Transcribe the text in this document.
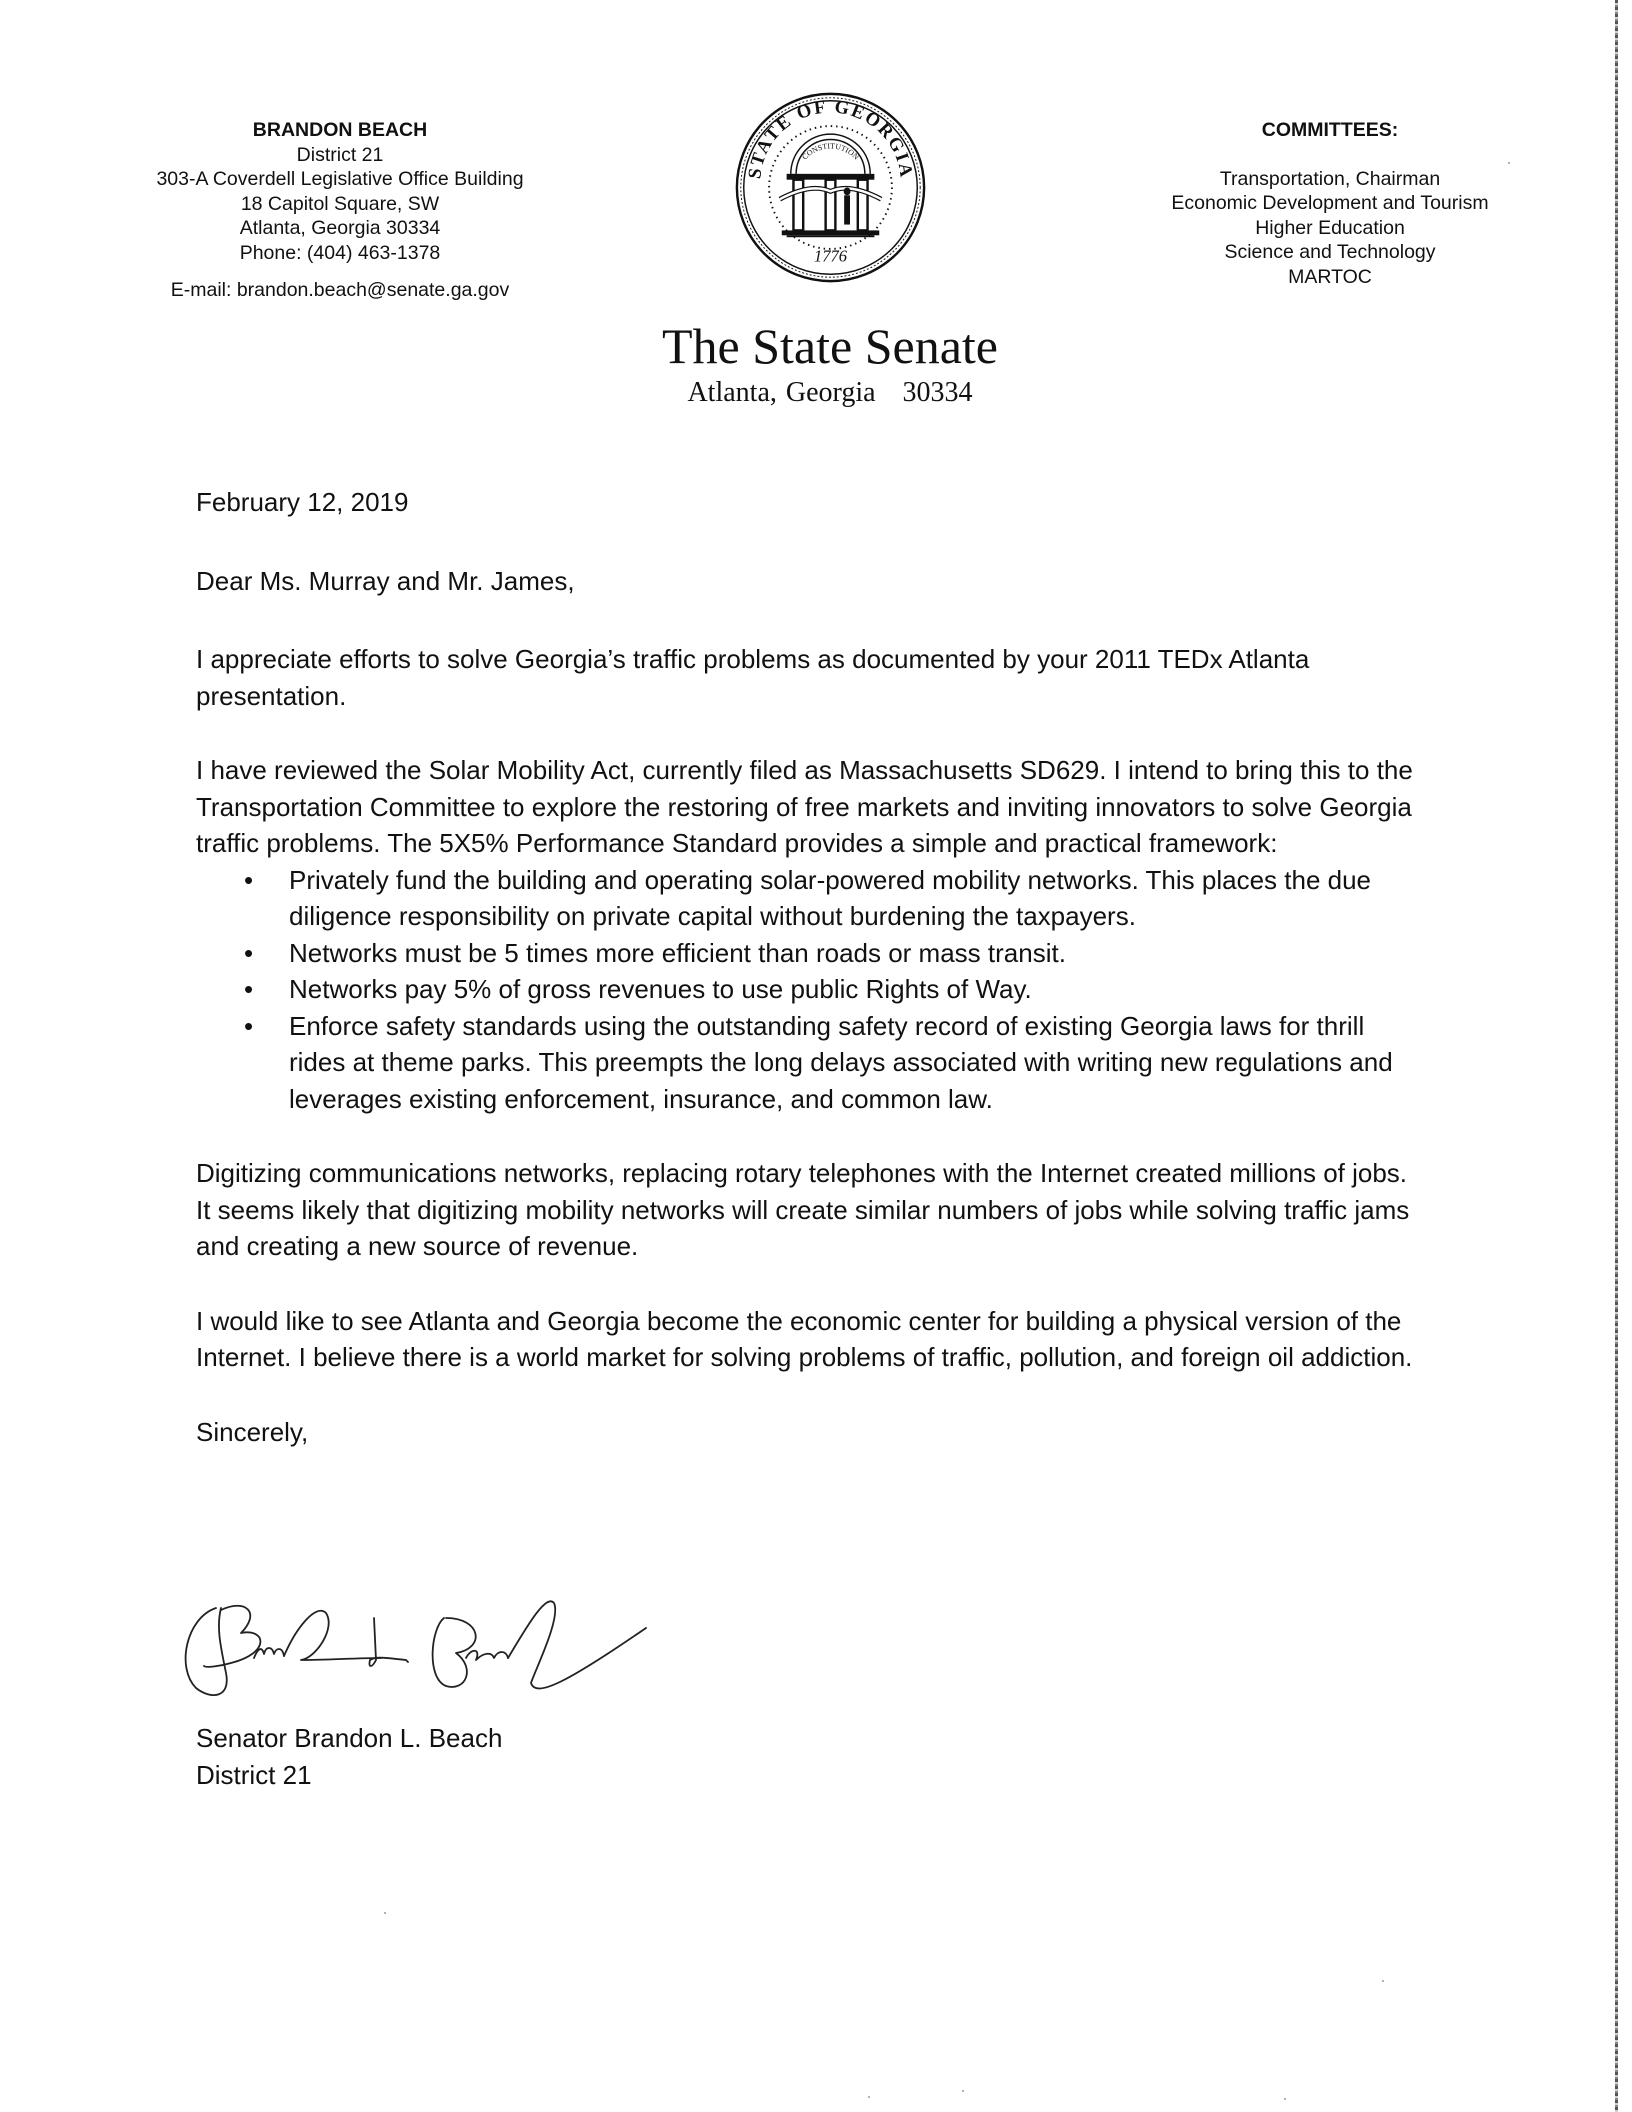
BRANDON BEACH
District 21
303-A Coverdell Legislative Office Building
18 Capitol Square, SW
Atlanta, Georgia 30334
Phone: (404) 463-1378
E-mail: brandon.beach@senate.ga.gov
STATE OF GEORGIA
CONSTITUTION
1776
COMMITTEES:
Transportation, Chairman
Economic Development and Tourism
Higher Education
Science and Technology
MARTOC
The State Senate
Atlanta, Georgia   30334

February 12, 2019

Dear Ms. Murray and Mr. James,

I appreciate efforts to solve Georgia’s traffic problems as documented by your 2011 TEDx Atlanta presentation.

I have reviewed the Solar Mobility Act, currently filed as Massachusetts SD629. I intend to bring this to the Transportation Committee to explore the restoring of free markets and inviting innovators to solve Georgia traffic problems. The 5X5% Performance Standard provides a simple and practical framework:

• Privately fund the building and operating solar-powered mobility networks. This places the due diligence responsibility on private capital without burdening the taxpayers.
• Networks must be 5 times more efficient than roads or mass transit.
• Networks pay 5% of gross revenues to use public Rights of Way.
• Enforce safety standards using the outstanding safety record of existing Georgia laws for thrill rides at theme parks. This preempts the long delays associated with writing new regulations and leverages existing enforcement, insurance, and common law.

Digitizing communications networks, replacing rotary telephones with the Internet created millions of jobs. It seems likely that digitizing mobility networks will create similar numbers of jobs while solving traffic jams and creating a new source of revenue.

I would like to see Atlanta and Georgia become the economic center for building a physical version of the Internet. I believe there is a world market for solving problems of traffic, pollution, and foreign oil addiction.

Sincerely,

Senator Brandon L. Beach
District 21
